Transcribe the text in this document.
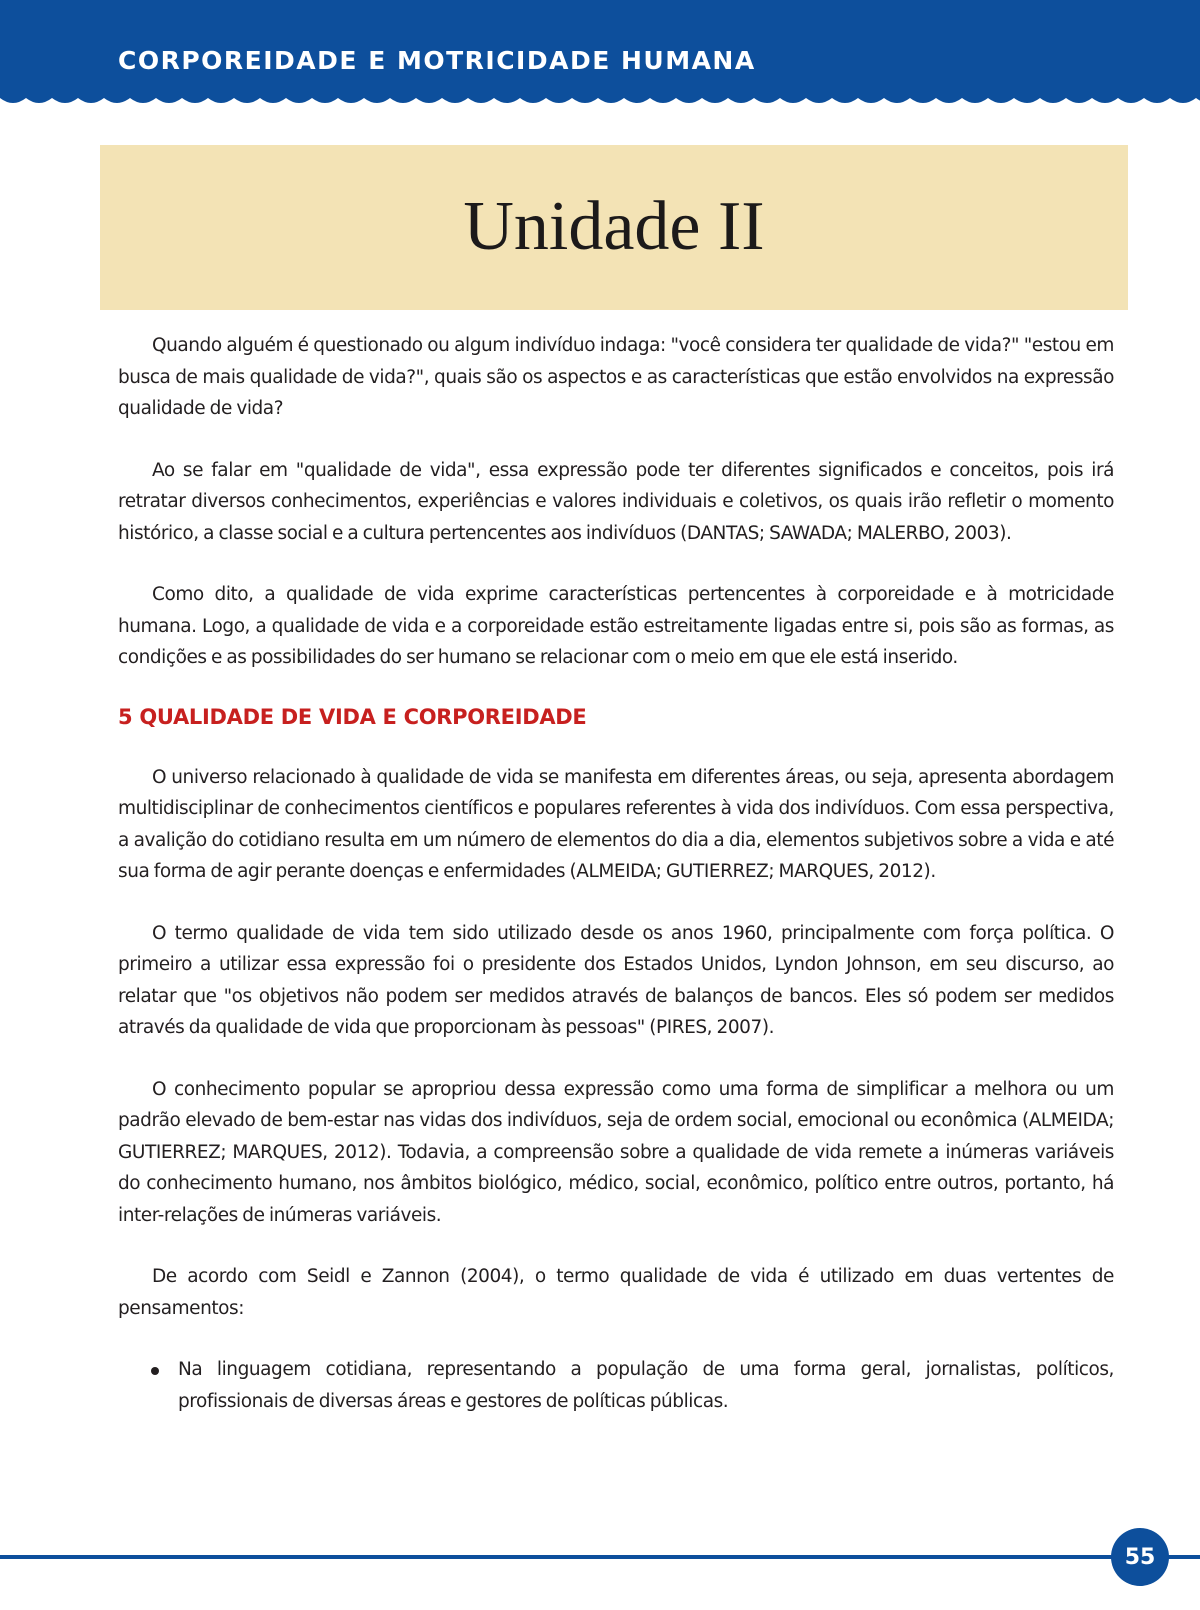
CORPOREIDADE E MOTRICIDADE HUMANA
Unidade II

Quando alguém é questionado ou algum indivíduo indaga: "você considera ter qualidade de vida?" "estou em busca de mais qualidade de vida?", quais são os aspectos e as características que estão envolvidos na expressão qualidade de vida?

Ao se falar em "qualidade de vida", essa expressão pode ter diferentes significados e conceitos, pois irá retratar diversos conhecimentos, experiências e valores individuais e coletivos, os quais irão refletir o momento histórico, a classe social e a cultura pertencentes aos indivíduos (DANTAS; SAWADA; MALERBO, 2003).

Como dito, a qualidade de vida exprime características pertencentes à corporeidade e à motricidade humana. Logo, a qualidade de vida e a corporeidade estão estreitamente ligadas entre si, pois são as formas, as condições e as possibilidades do ser humano se relacionar com o meio em que ele está inserido.

5 QUALIDADE DE VIDA E CORPOREIDADE

O universo relacionado à qualidade de vida se manifesta em diferentes áreas, ou seja, apresenta abordagem multidisciplinar de conhecimentos científicos e populares referentes à vida dos indivíduos. Com essa perspectiva, a avalição do cotidiano resulta em um número de elementos do dia a dia, elementos subjetivos sobre a vida e até sua forma de agir perante doenças e enfermidades (ALMEIDA; GUTIERREZ; MARQUES, 2012).

O termo qualidade de vida tem sido utilizado desde os anos 1960, principalmente com força política. O primeiro a utilizar essa expressão foi o presidente dos Estados Unidos, Lyndon Johnson, em seu discurso, ao relatar que "os objetivos não podem ser medidos através de balanços de bancos. Eles só podem ser medidos através da qualidade de vida que proporcionam às pessoas" (PIRES, 2007).

O conhecimento popular se apropriou dessa expressão como uma forma de simplificar a melhora ou um padrão elevado de bem-estar nas vidas dos indivíduos, seja de ordem social, emocional ou econômica (ALMEIDA; GUTIERREZ; MARQUES, 2012). Todavia, a compreensão sobre a qualidade de vida remete a inúmeras variáveis do conhecimento humano, nos âmbitos biológico, médico, social, econômico, político entre outros, portanto, há inter-relações de inúmeras variáveis.

De acordo com Seidl e Zannon (2004), o termo qualidade de vida é utilizado em duas vertentes de pensamentos:

Na linguagem cotidiana, representando a população de uma forma geral, jornalistas, políticos, profissionais de diversas áreas e gestores de políticas públicas.
55
